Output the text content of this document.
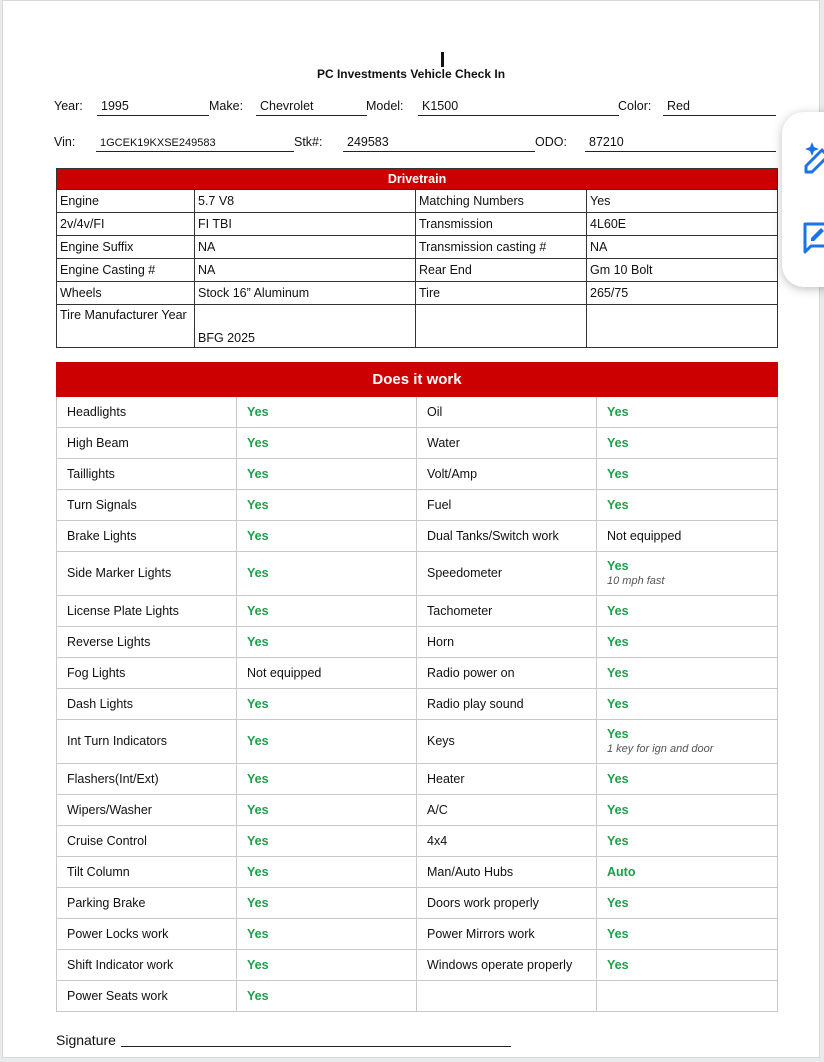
PC Investments Vehicle Check In
Year:	1995	Make:	Chevrolet	Model:	K1500	Color:	Red
Vin:	1GCEK19KXSE249583	Stk#:	249583	ODO:	87210
Drivetrain			
Engine	5.7 V8	Matching Numbers	Yes
2v/4v/FI	FI TBI	Transmission	4L60E
Engine Suffix	NA	Transmission casting #	NA
Engine Casting #	NA	Rear End	Gm 10 Bolt
Wheels	Stock 16” Aluminum	Tire	265/75
Tire Manufacturer Year	BFG 2025		
Does it work			
Headlights	Yes	Oil	Yes
High Beam	Yes	Water	Yes
Taillights	Yes	Volt/Amp	Yes
Turn Signals	Yes	Fuel	Yes
Brake Lights	Yes	Dual Tanks/Switch work	Not equipped
Side Marker Lights	Yes	Speedometer	Yes
10 mph fast

License Plate Lights	Yes	Tachometer	Yes
Reverse Lights	Yes	Horn	Yes
Fog Lights	Not equipped	Radio power on	Yes
Dash Lights	Yes	Radio play sound	Yes
Int Turn Indicators	Yes	Keys	Yes
1 key for ign and door

Flashers(Int/Ext)	Yes	Heater	Yes
Wipers/Washer	Yes	A/C	Yes
Cruise Control	Yes	4x4	Yes
Tilt Column	Yes	Man/Auto Hubs	Auto
Parking Brake	Yes	Doors work properly	Yes
Power Locks work	Yes	Power Mirrors work	Yes
Shift Indicator work	Yes	Windows operate properly	Yes
Power Seats work	Yes		
Signature
